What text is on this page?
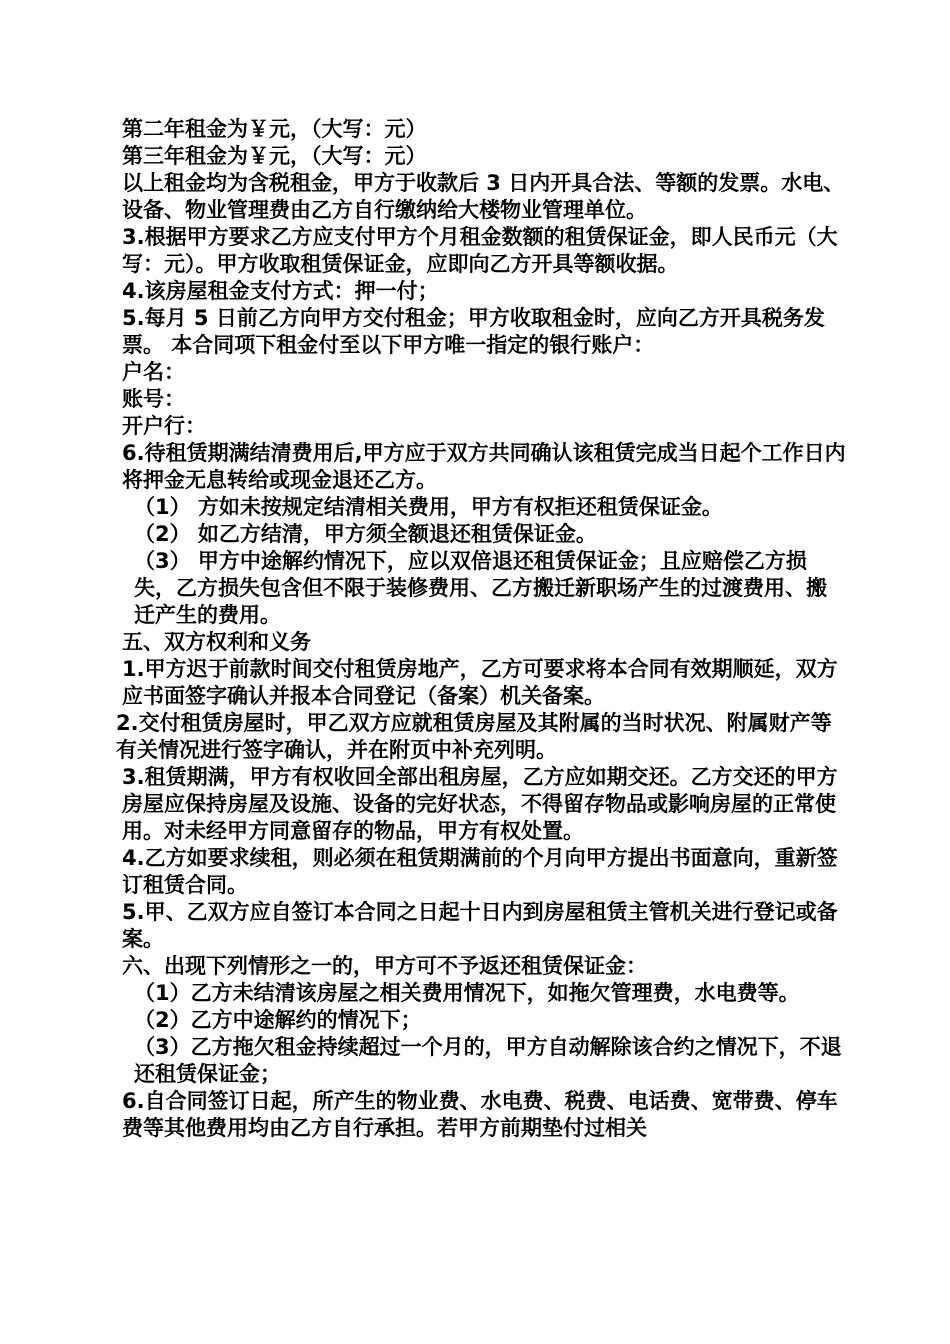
第二年租金为￥元，（大写：元）

第三年租金为￥元，（大写：元）

以上租金均为含税租金，甲方于收款后 3 日内开具合法、等额的发票。水电、设备、物业管理费由乙方自行缴纳给大楼物业管理单位。

3.根据甲方要求乙方应支付甲方个月租金数额的租赁保证金，即人民币元（大写：元）。甲方收取租赁保证金，应即向乙方开具等额收据。

4.该房屋租金支付方式：押一付；

5.每月 5 日前乙方向甲方交付租金；甲方收取租金时，应向乙方开具税务发票。 本合同项下租金付至以下甲方唯一指定的银行账户：

户名：

账号：

开户行：

6.待租赁期满结清费用后,甲方应于双方共同确认该租赁完成当日起个工作日内将押金无息转给或现金退还乙方。

（1） 方如未按规定结清相关费用，甲方有权拒还租赁保证金。

（2） 如乙方结清，甲方须全额退还租赁保证金。

（3） 甲方中途解约情况下，应以双倍退还租赁保证金；且应赔偿乙方损失，乙方损失包含但不限于装修费用、乙方搬迁新职场产生的过渡费用、搬迁产生的费用。

五、双方权利和义务

1.甲方迟于前款时间交付租赁房地产，乙方可要求将本合同有效期顺延，双方应书面签字确认并报本合同登记（备案）机关备案。

2.交付租赁房屋时，甲乙双方应就租赁房屋及其附属的当时状况、附属财产等有关情况进行签字确认，并在附页中补充列明。

3.租赁期满，甲方有权收回全部出租房屋，乙方应如期交还。乙方交还的甲方房屋应保持房屋及设施、设备的完好状态，不得留存物品或影响房屋的正常使用。对未经甲方同意留存的物品，甲方有权处置。

4.乙方如要求续租，则必须在租赁期满前的个月向甲方提出书面意向，重新签订租赁合同。

5.甲、乙双方应自签订本合同之日起十日内到房屋租赁主管机关进行登记或备案。

六、出现下列情形之一的，甲方可不予返还租赁保证金：

（1）乙方未结清该房屋之相关费用情况下，如拖欠管理费，水电费等。

（2）乙方中途解约的情况下；

（3）乙方拖欠租金持续超过一个月的，甲方自动解除该合约之情况下，不退还租赁保证金；

6.自合同签订日起，所产生的物业费、水电费、税费、电话费、宽带费、停车费等其他费用均由乙方自行承担。若甲方前期垫付过相关
